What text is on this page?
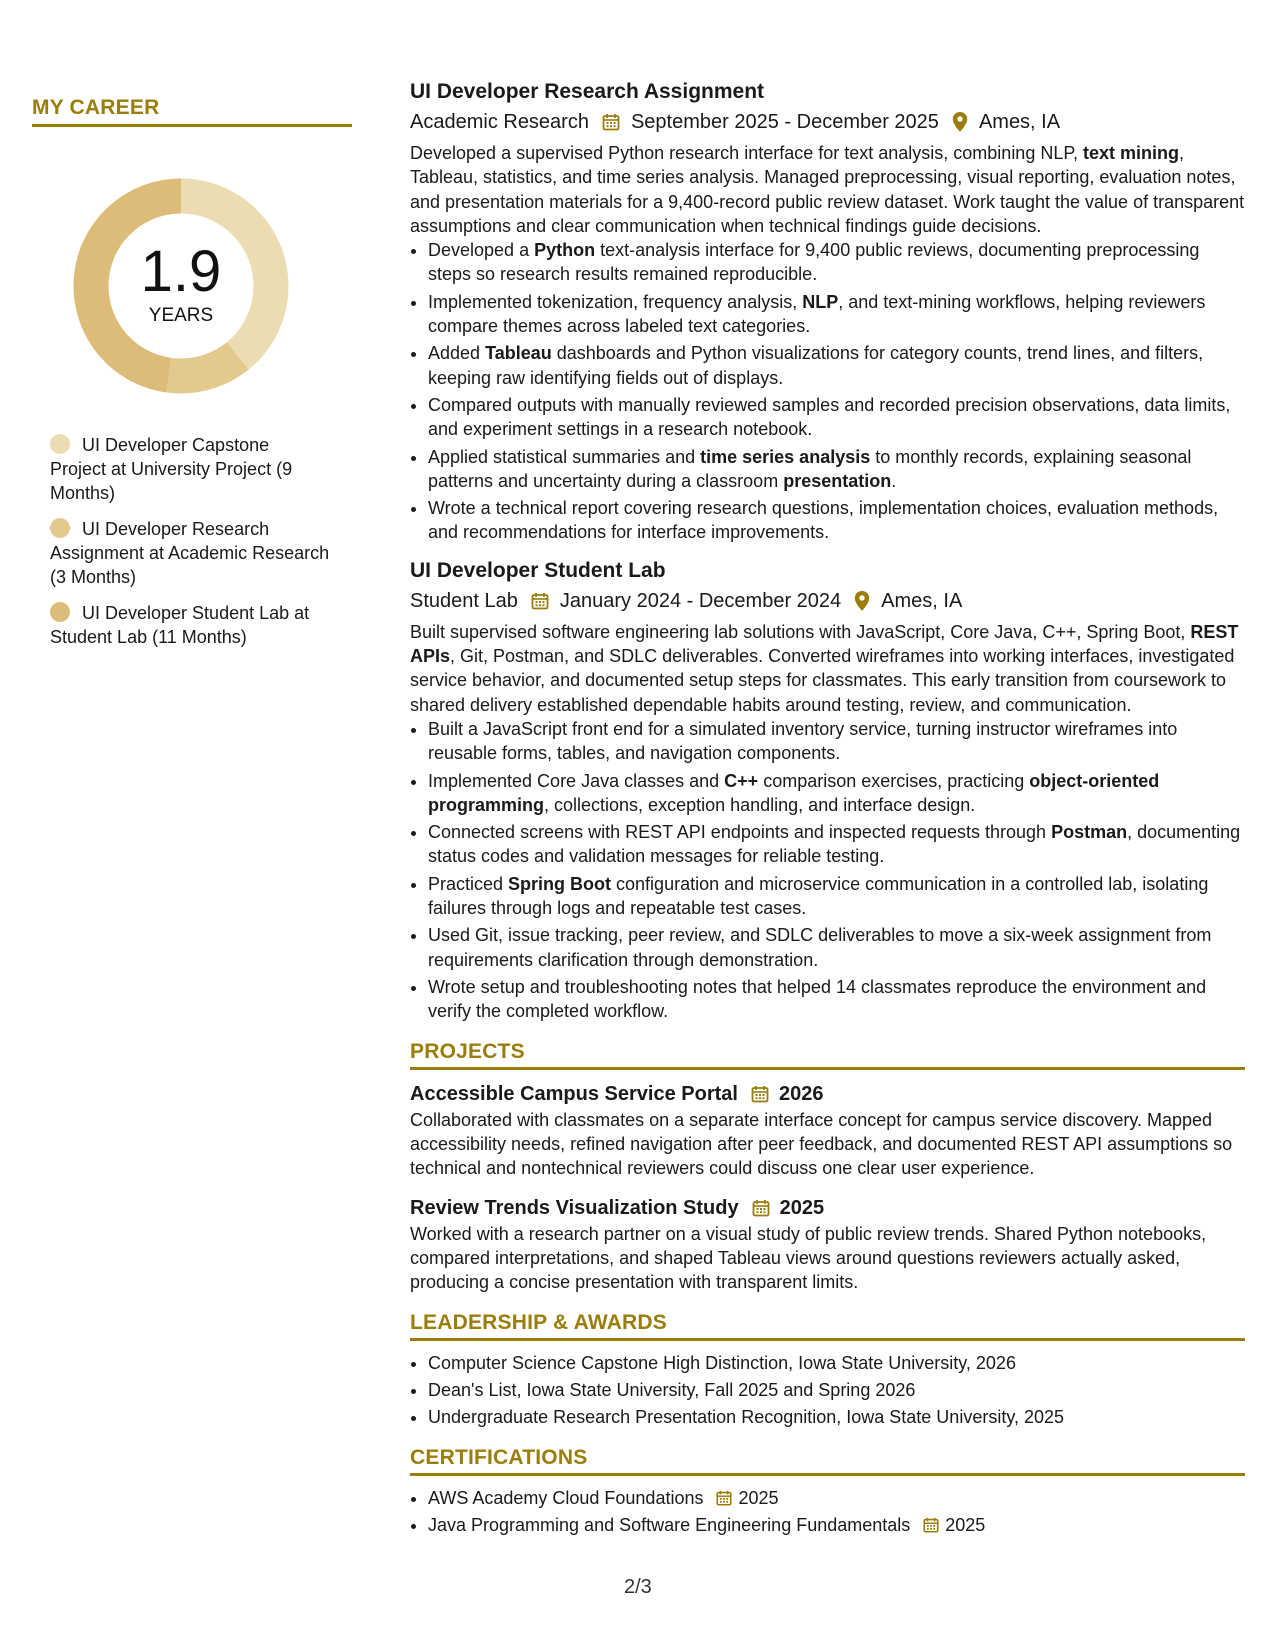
MY CAREER
1.9
YEARS
UI Developer Capstone Project at University Project (9 Months)
UI Developer Research Assignment at Academic Research (3 Months)
UI Developer Student Lab at Student Lab (11 Months)
UI Developer Research Assignment
Academic Research September 2025 - December 2025 Ames, IA

Developed a supervised Python research interface for text analysis, combining NLP, text mining, Tableau, statistics, and time series analysis. Managed preprocessing, visual reporting, evaluation notes, and presentation materials for a 9,400-record public review dataset. Work taught the value of transparent assumptions and clear communication when technical findings guide decisions.

• Developed a Python text-analysis interface for 9,400 public reviews, documenting preprocessing steps so research results remained reproducible.
• Implemented tokenization, frequency analysis, NLP, and text-mining workflows, helping reviewers compare themes across labeled text categories.
• Added Tableau dashboards and Python visualizations for category counts, trend lines, and filters, keeping raw identifying fields out of displays.
• Compared outputs with manually reviewed samples and recorded precision observations, data limits, and experiment settings in a research notebook.
• Applied statistical summaries and time series analysis to monthly records, explaining seasonal patterns and uncertainty during a classroom presentation.
• Wrote a technical report covering research questions, implementation choices, evaluation methods, and recommendations for interface improvements.
UI Developer Student Lab
Student Lab January 2024 - December 2024 Ames, IA

Built supervised software engineering lab solutions with JavaScript, Core Java, C++, Spring Boot, REST APIs, Git, Postman, and SDLC deliverables. Converted wireframes into working interfaces, investigated service behavior, and documented setup steps for classmates. This early transition from coursework to shared delivery established dependable habits around testing, review, and communication.

• Built a JavaScript front end for a simulated inventory service, turning instructor wireframes into reusable forms, tables, and navigation components.
• Implemented Core Java classes and C++ comparison exercises, practicing object-oriented programming, collections, exception handling, and interface design.
• Connected screens with REST API endpoints and inspected requests through Postman, documenting status codes and validation messages for reliable testing.
• Practiced Spring Boot configuration and microservice communication in a controlled lab, isolating failures through logs and repeatable test cases.
• Used Git, issue tracking, peer review, and SDLC deliverables to move a six-week assignment from requirements clarification through demonstration.
• Wrote setup and troubleshooting notes that helped 14 classmates reproduce the environment and verify the completed workflow.
PROJECTS
Accessible Campus Service Portal 2026
Collaborated with classmates on a separate interface concept for campus service discovery. Mapped accessibility needs, refined navigation after peer feedback, and documented REST API assumptions so technical and nontechnical reviewers could discuss one clear user experience.
Review Trends Visualization Study 2025
Worked with a research partner on a visual study of public review trends. Shared Python notebooks, compared interpretations, and shaped Tableau views around questions reviewers actually asked, producing a concise presentation with transparent limits.
LEADERSHIP & AWARDS
• Computer Science Capstone High Distinction, Iowa State University, 2026
• Dean's List, Iowa State University, Fall 2025 and Spring 2026
• Undergraduate Research Presentation Recognition, Iowa State University, 2025
CERTIFICATIONS
• AWS Academy Cloud Foundations 2025
• Java Programming and Software Engineering Fundamentals 2025
2/3
